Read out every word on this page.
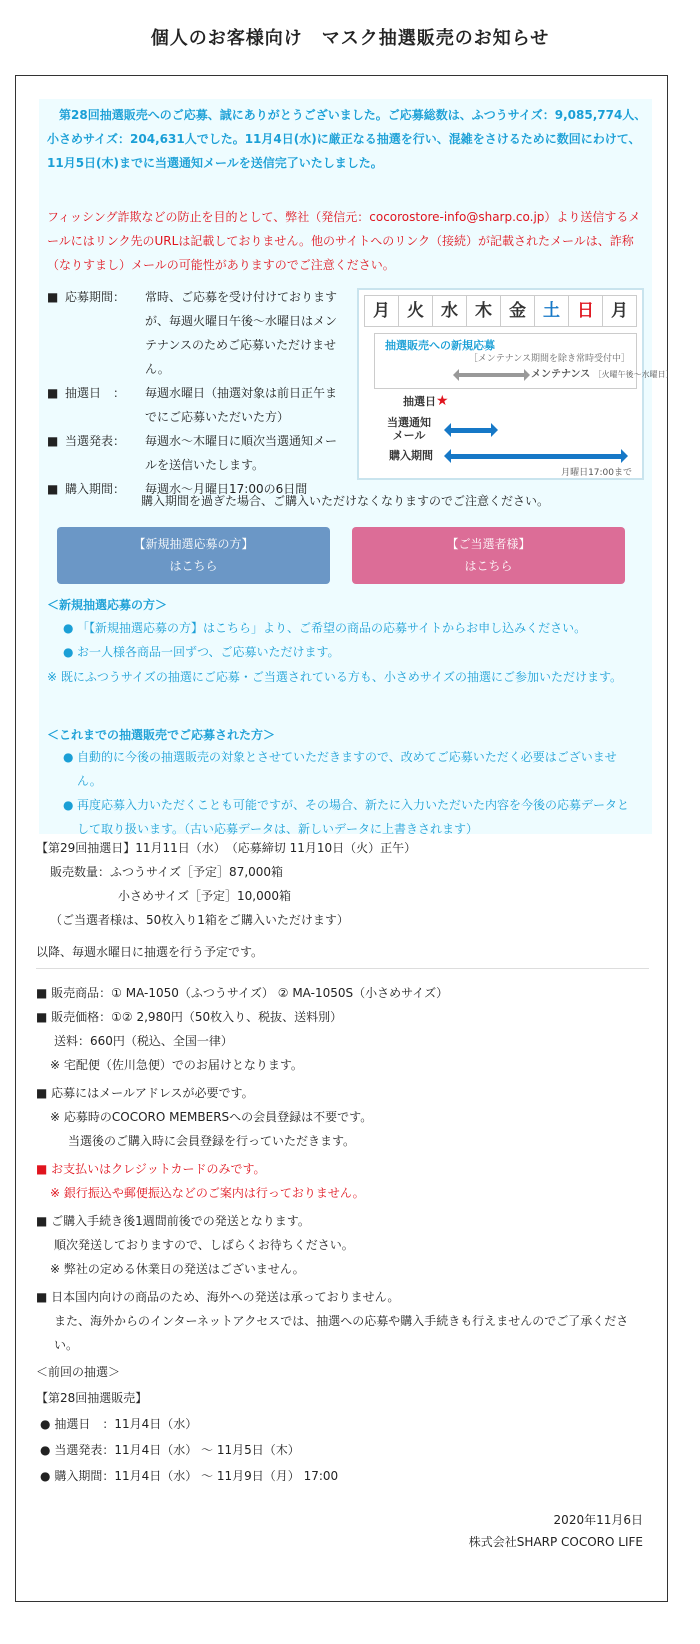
個人のお客様向け　マスク抽選販売のお知らせ

　第28回抽選販売へのご応募、誠にありがとうございました。ご応募総数は、ふつうサイズ：9,085,774人、小さめサイズ：204,631人でした。11月4日(水)に厳正なる抽選を行い、混雑をさけるために数回にわけて、11月5日(木)までに当選通知メールを送信完了いたしました。

フィッシング詐欺などの防止を目的として、弊社（発信元：cocorostore-info@sharp.co.jp）より送信するメールにはリンク先のURLは記載しておりません。他のサイトへのリンク（接続）が記載されたメールは、詐称（なりすまし）メールの可能性がありますのでご注意ください。

■ 応募期間：	常時、ご応募を受け付けておりますが、毎週火曜日午後～水曜日はメンテナンスのためご応募いただけません。
■ 抽選日　：	毎週水曜日（抽選対象は前日正午までにご応募いただいた方）
■ 当選発表：	毎週水～木曜日に順次当選通知メールを送信いたします。
■ 購入期間：	毎週水～月曜日17:00の6日間
購入期間を過ぎた場合、ご購入いただけなくなりますのでご注意ください。
月	火	水	木	金	土	日	月
抽選販売への新規応募
［メンテナンス期間を除き常時受付中］
メンテナンス ［火曜午後～水曜日］
抽選日★
当選通知
メール
購入期間
月曜日17:00まで
【新規抽選応募の方】
はこちら
【ご当選者様】
はこちら
＜新規抽選応募の方＞
● 「【新規抽選応募の方】はこちら」より、ご希望の商品の応募サイトからお申し込みください。
● お一人様各商品一回ずつ、ご応募いただけます。
※ 既にふつうサイズの抽選にご応募・ご当選されている方も、小さめサイズの抽選にご参加いただけます。
＜これまでの抽選販売でご応募された方＞
● 自動的に今後の抽選販売の対象とさせていただきますので、改めてご応募いただく必要はございません。
● 再度応募入力いただくことも可能ですが、その場合、新たに入力いただいた内容を今後の応募データとして取り扱います。（古い応募データは、新しいデータに上書きされます）
【第29回抽選日】11月11日（水）　（応募締切 11月10日（火）正午）
販売数量：ふつうサイズ［予定］87,000箱
小さめサイズ［予定］10,000箱
（ご当選者様は、50枚入り1箱をご購入いただけます）
以降、毎週水曜日に抽選を行う予定です。

■ 販売商品：① MA-1050（ふつうサイズ） ② MA-1050S（小さめサイズ）

■ 販売価格：①② 2,980円（50枚入り、税抜、送料別）

送料：660円（税込、全国一律）

※ 宅配便（佐川急便）でのお届けとなります。

■ 応募にはメールアドレスが必要です。

※ 応募時のCOCORO MEMBERSへの会員登録は不要です。

当選後のご購入時に会員登録を行っていただきます。

■ お支払いはクレジットカードのみです。

※ 銀行振込や郵便振込などのご案内は行っておりません。

■ ご購入手続き後1週間前後での発送となります。

順次発送しておりますので、しばらくお待ちください。

※ 弊社の定める休業日の発送はございません。

■ 日本国内向けの商品のため、海外への発送は承っておりません。

また、海外からのインターネットアクセスでは、抽選への応募や購入手続きも行えませんのでご了承ください。

＜前回の抽選＞
【第28回抽選販売】
● 抽選日　：11月4日（水）
● 当選発表：11月4日（水） ～ 11月5日（木）
● 購入期間：11月4日（水） ～ 11月9日（月） 17:00
2020年11月6日
株式会社SHARP COCORO LIFE
